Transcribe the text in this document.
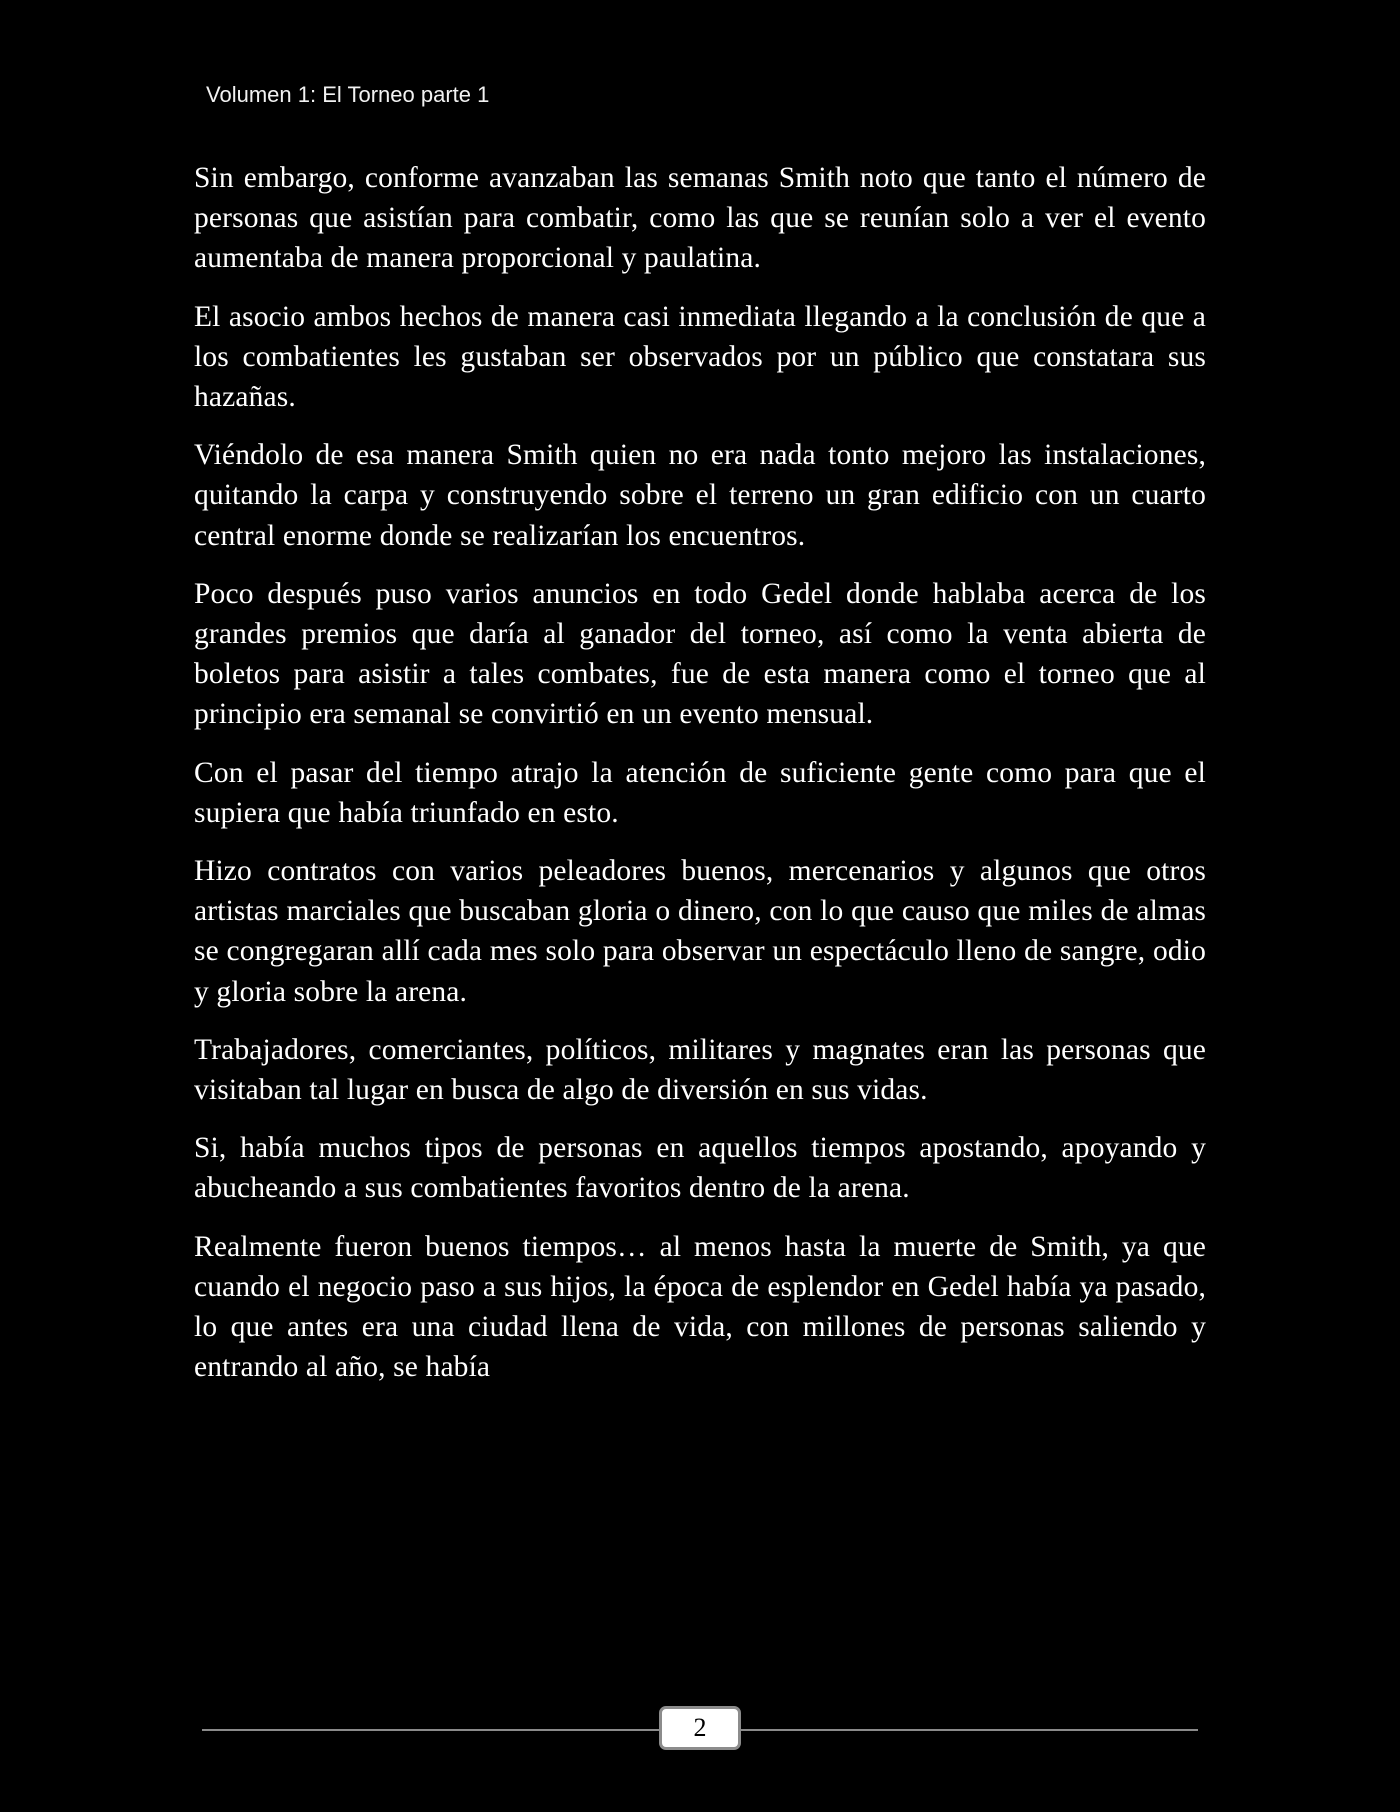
Volumen 1: El Torneo parte 1

Sin embargo, conforme avanzaban las semanas Smith noto que tanto el número de personas que asistían para combatir, como las que se reunían solo a ver el evento aumentaba de manera proporcional y paulatina.

El asocio ambos hechos de manera casi inmediata llegando a la conclusión de que a los combatientes les gustaban ser observados por un público que constatara sus hazañas.

Viéndolo de esa manera Smith quien no era nada tonto mejoro las instalaciones, quitando la carpa y construyendo sobre el terreno un gran edificio con un cuarto central enorme donde se realizarían los encuentros.

Poco después puso varios anuncios en todo Gedel donde hablaba acerca de los grandes premios que daría al ganador del torneo, así como la venta abierta de boletos para asistir a tales combates, fue de esta manera como el torneo que al principio era semanal se convirtió en un evento mensual.

Con el pasar del tiempo atrajo la atención de suficiente gente como para que el supiera que había triunfado en esto.

Hizo contratos con varios peleadores buenos, mercenarios y algunos que otros artistas marciales que buscaban gloria o dinero, con lo que causo que miles de almas se congregaran allí cada mes solo para observar un espectáculo lleno de sangre, odio y gloria sobre la arena.

Trabajadores, comerciantes, políticos, militares y magnates eran las personas que visitaban tal lugar en busca de algo de diversión en sus vidas.

Si, había muchos tipos de personas en aquellos tiempos apostando, apoyando y abucheando a sus combatientes favoritos dentro de la arena.

Realmente fueron buenos tiempos… al menos hasta la muerte de Smith, ya que cuando el negocio paso a sus hijos, la época de esplendor en Gedel había ya pasado, lo que antes era una ciudad llena de vida, con millones de personas saliendo y entrando al año, se había

2
